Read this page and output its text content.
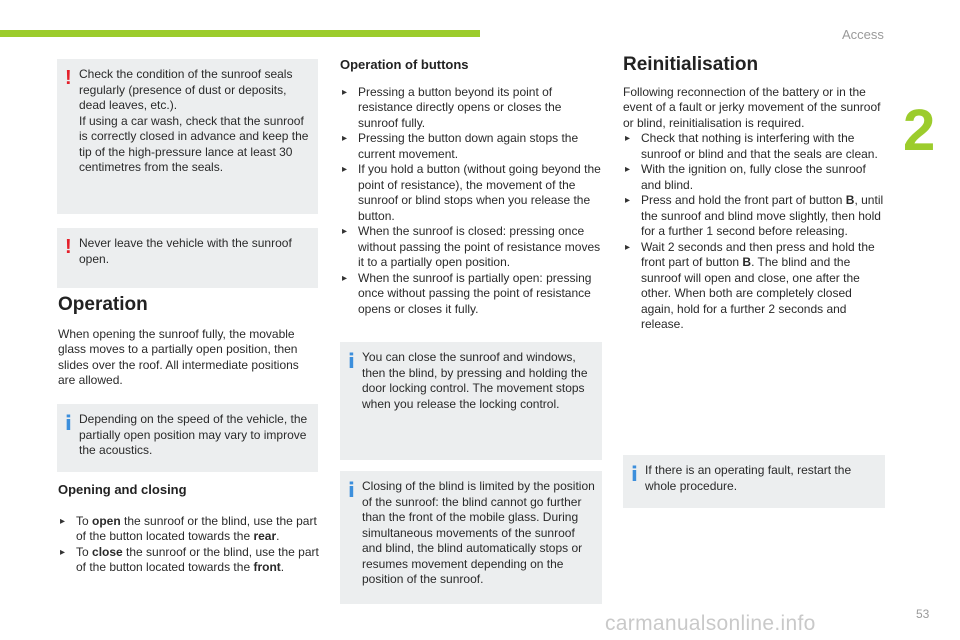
Access
2
! Check the condition of the sunroof seals regularly (presence of dust or deposits, dead leaves, etc.).
If using a car wash, check that the sunroof is correctly closed in advance and keep the tip of the high-pressure lance at least 30 centimetres from the seals.
! Never leave the vehicle with the sunroof open.
Operation

When opening the sunroof fully, the movable glass moves to a partially open position, then slides over the roof. All intermediate positions are allowed.

i Depending on the speed of the vehicle, the partially open position may vary to improve the acoustics.
Opening and closing
▸ To open the sunroof or the blind, use the part of the button located towards the rear.
▸ To close the sunroof or the blind, use the part of the button located towards the front.
Operation of buttons
▸ Pressing a button beyond its point of resistance directly opens or closes the sunroof fully.
▸ Pressing the button down again stops the current movement.
▸ If you hold a button (without going beyond the point of resistance), the movement of the sunroof or blind stops when you release the button.
▸ When the sunroof is closed: pressing once without passing the point of resistance moves it to a partially open position.
▸ When the sunroof is partially open: pressing once without passing the point of resistance opens or closes it fully.
i You can close the sunroof and windows, then the blind, by pressing and holding the door locking control. The movement stops when you release the locking control.
i Closing of the blind is limited by the position of the sunroof: the blind cannot go further than the front of the mobile glass. During simultaneous movements of the sunroof and blind, the blind automatically stops or resumes movement depending on the position of the sunroof.
Reinitialisation

Following reconnection of the battery or in the event of a fault or jerky movement of the sunroof or blind, reinitialisation is required.

▸ Check that nothing is interfering with the sunroof or blind and that the seals are clean.
▸ With the ignition on, fully close the sunroof and blind.
▸ Press and hold the front part of button B, until the sunroof and blind move slightly, then hold for a further 1 second before releasing.
▸ Wait 2 seconds and then press and hold the front part of button B. The blind and the sunroof will open and close, one after the other. When both are completely closed again, hold for a further 2 seconds and release.
i If there is an operating fault, restart the whole procedure.
carmanualsonline.info	53
